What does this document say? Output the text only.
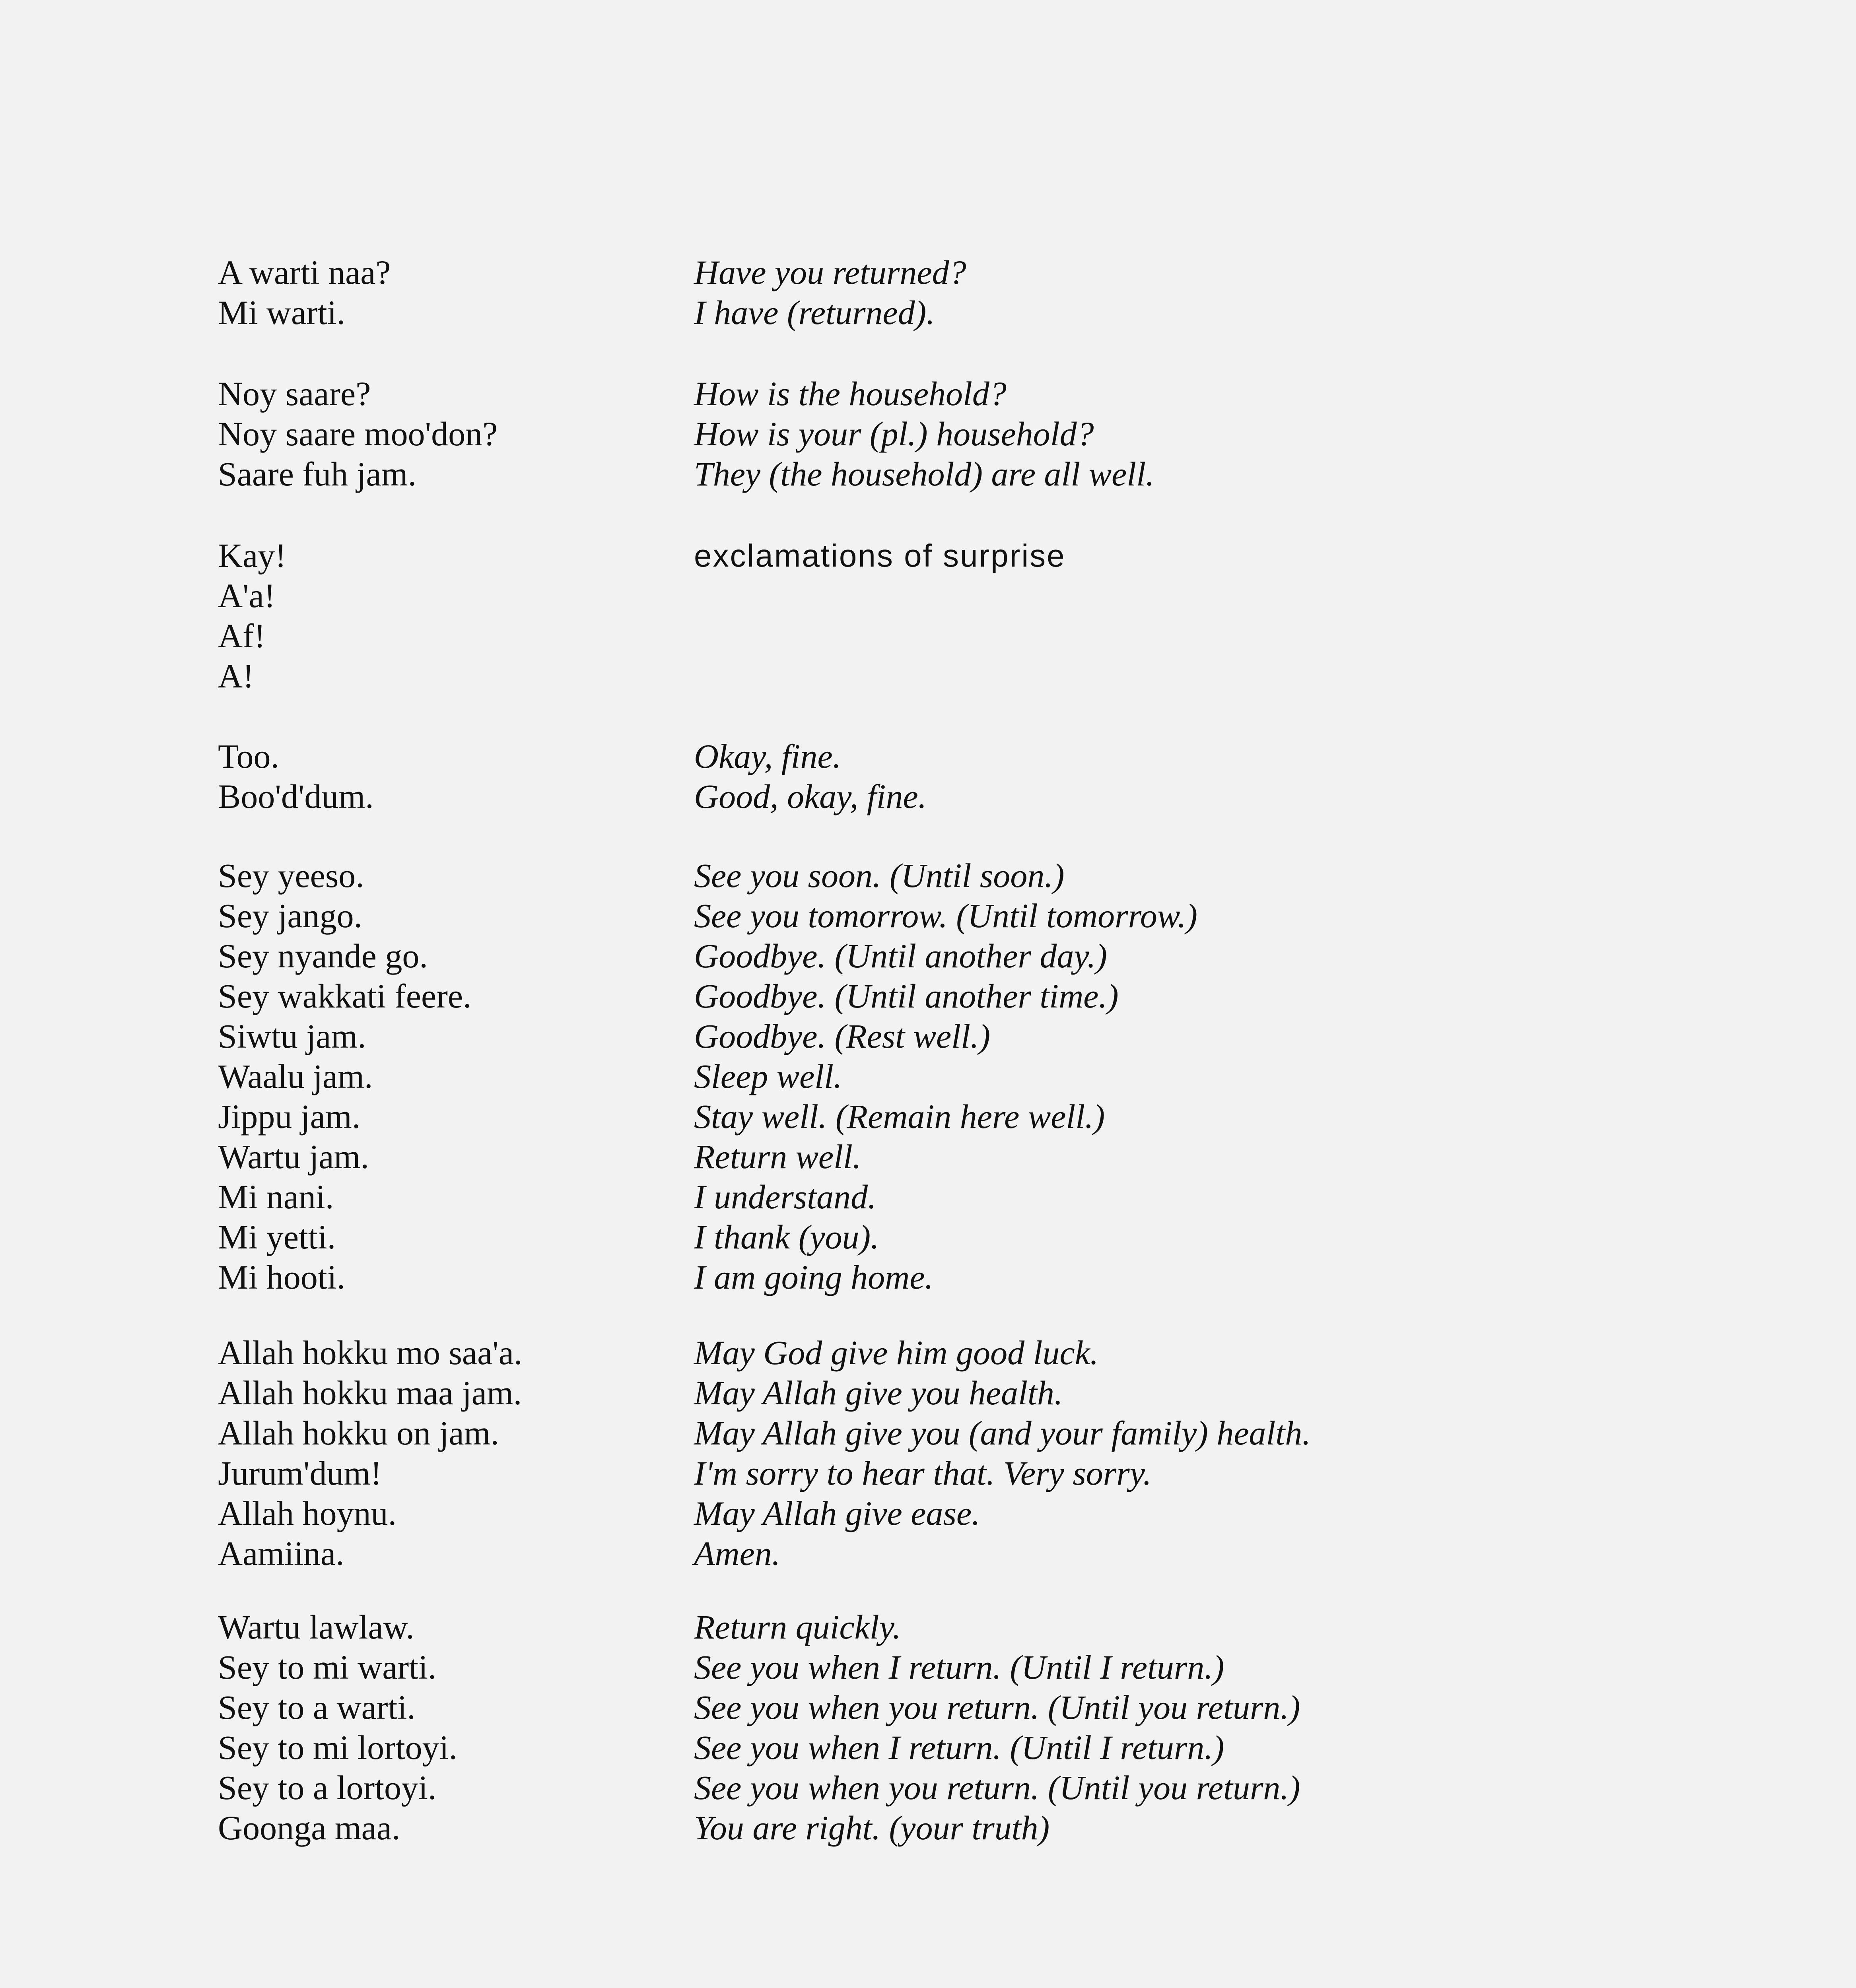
A warti naa?	Have you returned?
Mi warti.	I have (returned).
Noy saare?	How is the household?
Noy saare moo'don?	How is your (pl.) household?
Saare fuh jam.	They (the household) are all well.
Kay!	exclamations of surprise
A'a!
Af!
A!
Too.	Okay, fine.
Boo'd'dum.	Good, okay, fine.
Sey yeeso.	See you soon. (Until soon.)
Sey jango.	See you tomorrow. (Until tomorrow.)
Sey nyande go.	Goodbye. (Until another day.)
Sey wakkati feere.	Goodbye. (Until another time.)
Siwtu jam.	Goodbye. (Rest well.)
Waalu jam.	Sleep well.
Jippu jam.	Stay well. (Remain here well.)
Wartu jam.	Return well.
Mi nani.	I understand.
Mi yetti.	I thank (you).
Mi hooti.	I am going home.
Allah hokku mo saa'a.	May God give him good luck.
Allah hokku maa jam.	May Allah give you health.
Allah hokku on jam.	May Allah give you (and your family) health.
Jurum'dum!	I'm sorry to hear that. Very sorry.
Allah hoynu.	May Allah give ease.
Aamiina.	Amen.
Wartu lawlaw.	Return quickly.
Sey to mi warti.	See you when I return. (Until I return.)
Sey to a warti.	See you when you return. (Until you return.)
Sey to mi lortoyi.	See you when I return. (Until I return.)
Sey to a lortoyi.	See you when you return. (Until you return.)
Goonga maa.	You are right. (your truth)
